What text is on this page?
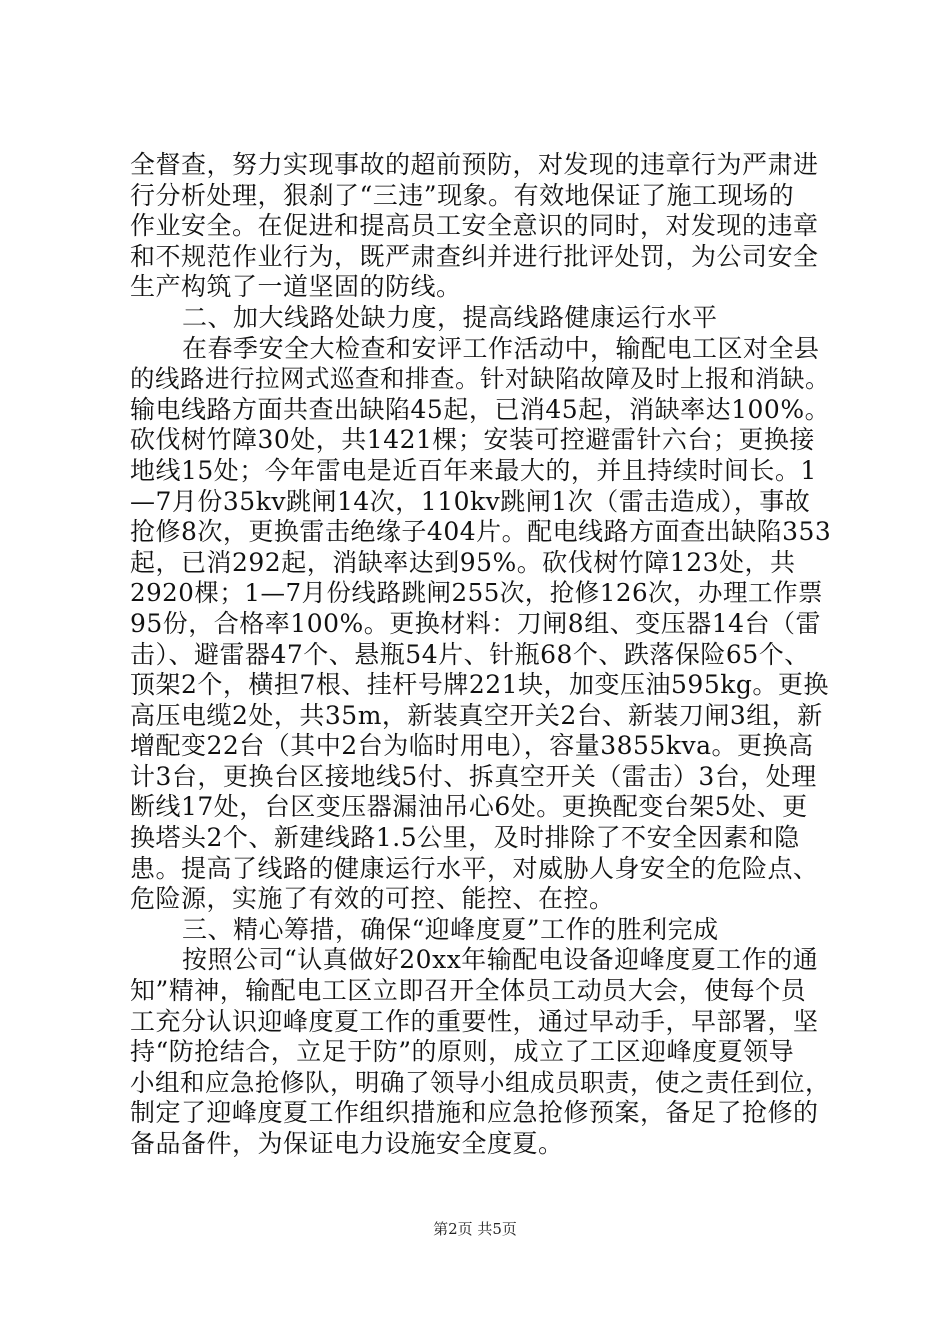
全督查，努力实现事故的超前预防，对发现的违章行为严肃进
行分析处理，狠刹了“三违”现象。有效地保证了施工现场的
作业安全。在促进和提高员工安全意识的同时，对发现的违章
和不规范作业行为，既严肃查纠并进行批评处罚，为公司安全
生产构筑了一道坚固的防线。
二、加大线路处缺力度，提高线路健康运行水平
在春季安全大检查和安评工作活动中，输配电工区对全县
的线路进行拉网式巡查和排查。针对缺陷故障及时上报和消缺。
输电线路方面共查出缺陷45起，已消45起，消缺率达100%。
砍伐树竹障30处，共1421棵；安装可控避雷针六台；更换接
地线15处；今年雷电是近百年来最大的，并且持续时间长。1
—7月份35kv跳闸14次，110kv跳闸1次（雷击造成），事故
抢修8次，更换雷击绝缘子404片。配电线路方面查出缺陷353
起，已消292起，消缺率达到95%。砍伐树竹障123处，共
2920棵；1—7月份线路跳闸255次，抢修126次，办理工作票
95份，合格率100%。更换材料：刀闸8组、变压器14台（雷
击）、避雷器47个、悬瓶54片、针瓶68个、跌落保险65个、
顶架2个，横担7根、挂杆号牌221块，加变压油595kg。更换
高压电缆2处，共35m，新装真空开关2台、新装刀闸3组，新
增配变22台（其中2台为临时用电），容量3855kva。更换高
计3台，更换台区接地线5付、拆真空开关（雷击）3台，处理
断线17处，台区变压器漏油吊心6处。更换配变台架5处、更
换塔头2个、新建线路1.5公里，及时排除了不安全因素和隐
患。提高了线路的健康运行水平，对威胁人身安全的危险点、
危险源，实施了有效的可控、能控、在控。
三、精心筹措，确保“迎峰度夏”工作的胜利完成
按照公司“认真做好20xx年输配电设备迎峰度夏工作的通
知”精神，输配电工区立即召开全体员工动员大会，使每个员
工充分认识迎峰度夏工作的重要性，通过早动手，早部署，坚
持“防抢结合，立足于防”的原则，成立了工区迎峰度夏领导
小组和应急抢修队，明确了领导小组成员职责，使之责任到位，
制定了迎峰度夏工作组织措施和应急抢修预案，备足了抢修的
备品备件，为保证电力设施安全度夏。
第2页 共5页
